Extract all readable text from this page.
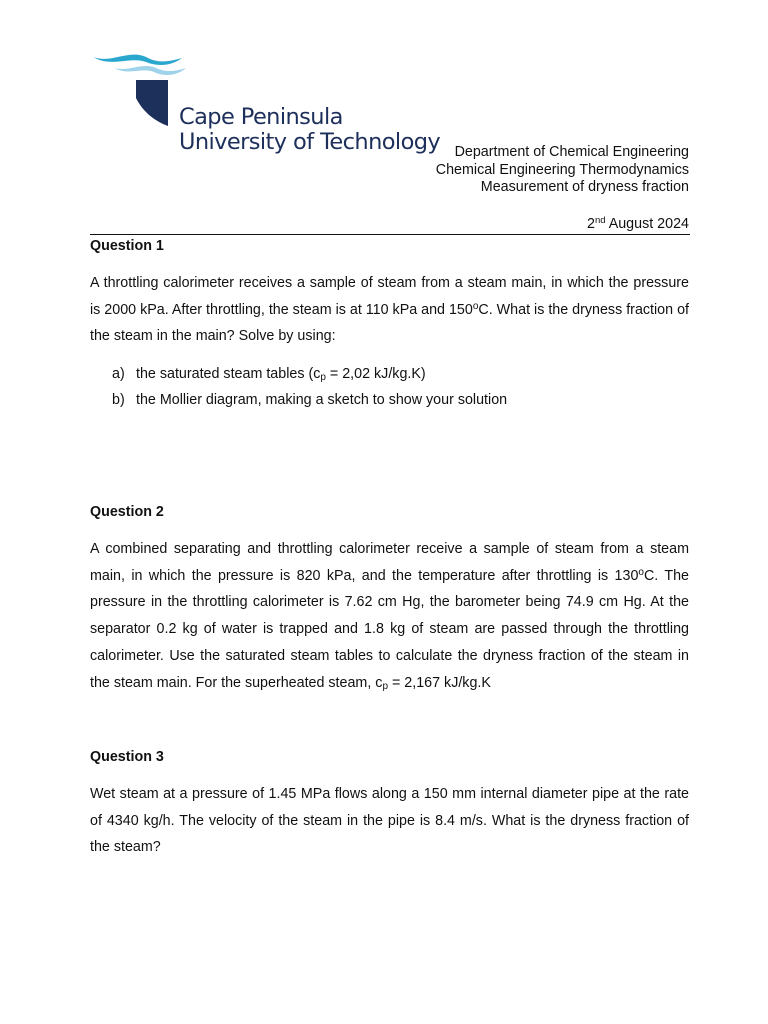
Cape Peninsula
University of Technology	Department of Chemical Engineering
Chemical Engineering Thermodynamics
Measurement of dryness fraction
2nd August 2024
Question 1
A throttling calorimeter receives a sample of steam from a steam main, in which the pressure is 2000 kPa. After throttling, the steam is at 110 kPa and 150$^o$C. What is the dryness fraction of the steam in the main? Solve by using:
a) the saturated steam tables ($c_p = 2,02$ kJ/kg.K)
b) the Mollier diagram, making a sketch to show your solution
Question 2
A combined separating and throttling calorimeter receive a sample of steam from a steam main, in which the pressure is 820 kPa, and the temperature after throttling is 130$^o$C. The pressure in the throttling calorimeter is 7.62 cm Hg, the barometer being 74.9 cm Hg. At the separator 0.2 kg of water is trapped and 1.8 kg of steam are passed through the throttling calorimeter. Use the saturated steam tables to calculate the dryness fraction of the steam in the steam main. For the superheated steam, $c_p = 2,167$ kJ/kg.K
Question 3
Wet steam at a pressure of 1.45 MPa flows along a 150 mm internal diameter pipe at the rate of 4340 kg/h. The velocity of the steam in the pipe is 8.4 m/s. What is the dryness fraction of the steam?
